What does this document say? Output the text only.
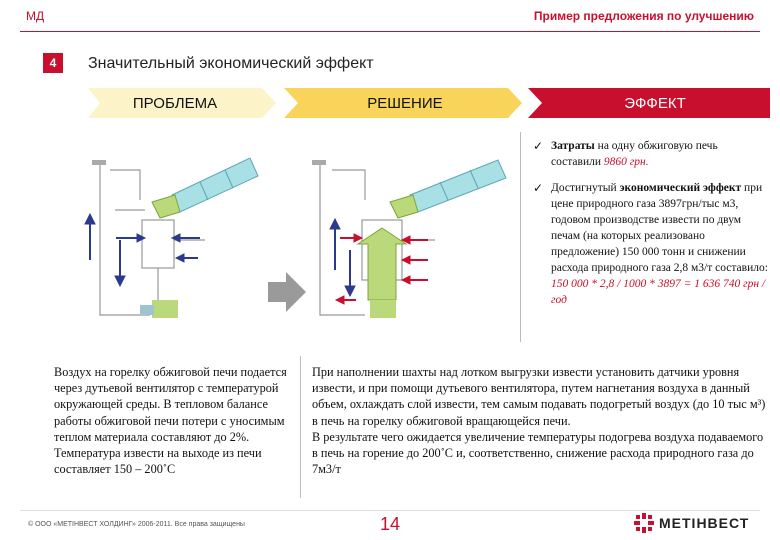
МД	Пример предложения по улучшению
4	Значительный экономический эффект
ПРОБЛЕМА	РЕШЕНИЕ	ЭФФЕКТ
✓ Затраты на одну обжиговую печь составили 9860 грн.
✓ Достигнутый экономический эффект при цене природного газа 3897грн/тыс м3, годовом производстве извести по двум печам (на которых реализовано предложение) 150 000 тонн и снижении расхода природного газа 2,8 м3/т составило: 150 000 * 2,8 / 1000 * 3897 = 1 636 740 грн / год
Воздух на горелку обжиговой печи подается через дутьевой вентилятор с температурой окружающей среды. В тепловом балансе работы обжиговой печи потери с уносимым теплом материала составляют до 2%. Температура извести на выходе из печи составляет 150 – 200˚С
При наполнении шахты над лотком выгрузки извести установить датчики уровня извести, и при помощи дутьевого вентилятора, путем нагнетания воздуха в данный объем, охлаждать слой извести, тем самым подавать подогретый воздух (до 10 тыс м³) в печь на горелку обжиговой вращающейся печи.
В результате чего ожидается увеличение температуры подогрева воздуха подаваемого в печь на горение до 200˚С и, соответственно, снижение расхода природного газа до 7м3/т
© ООО «МЕТІНВЕСТ ХОЛДИНГ» 2006-2011. Все права защищены	14	МЕТІНВЕСТ
